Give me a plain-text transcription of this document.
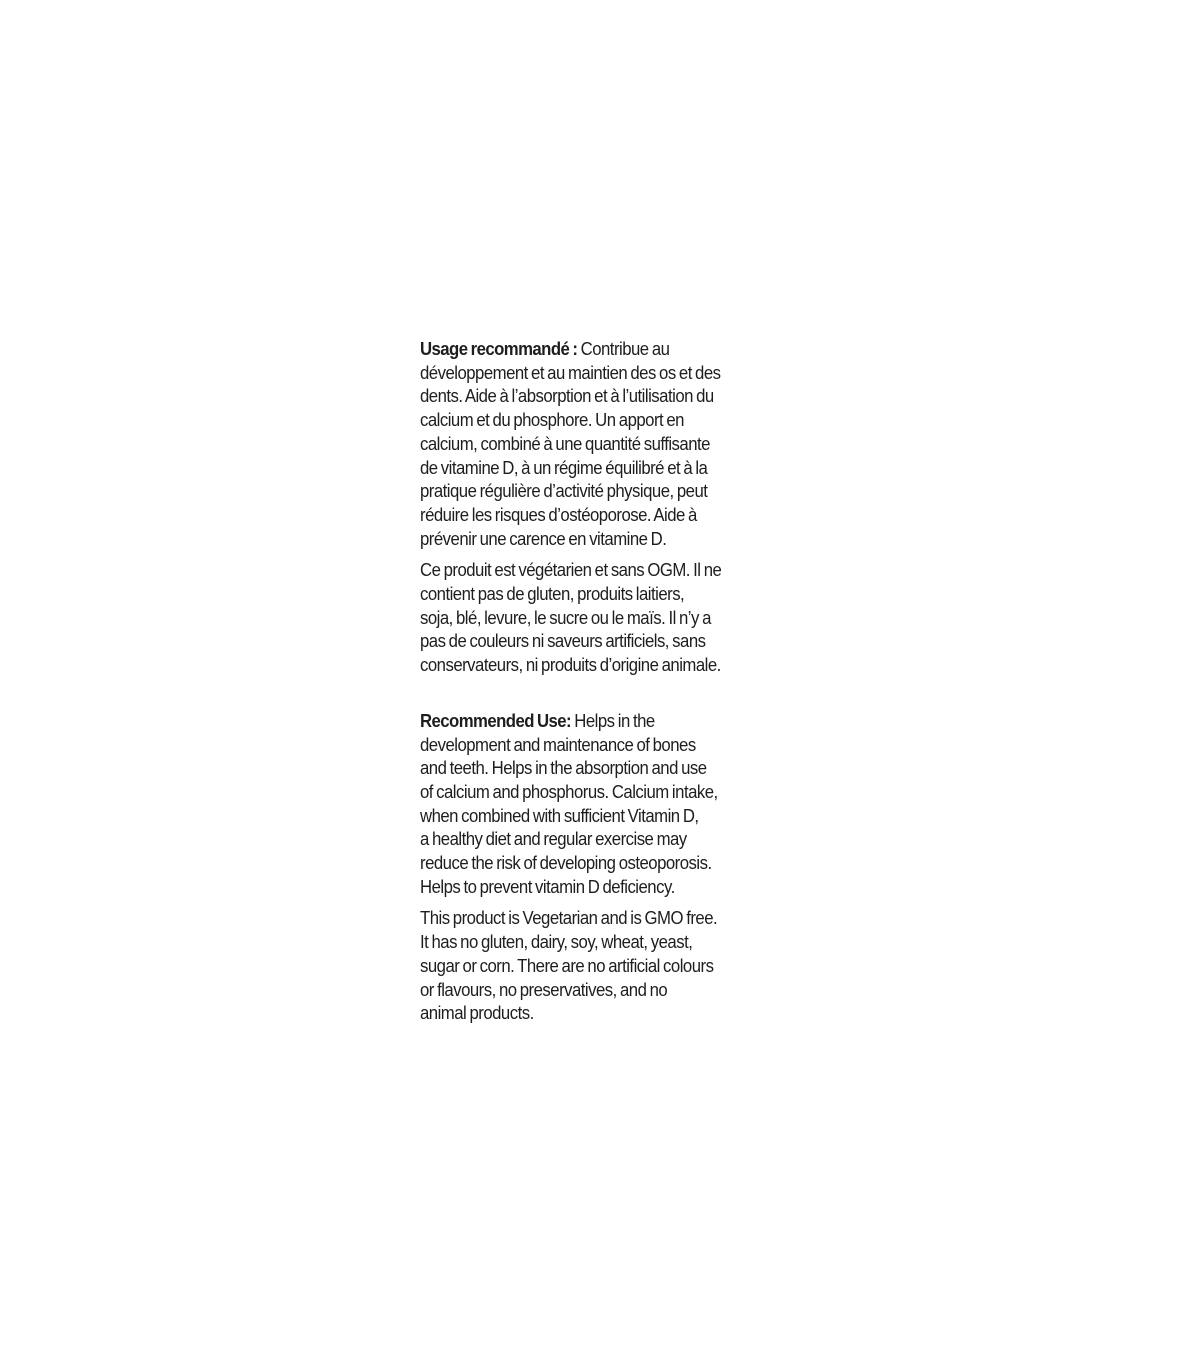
Usage recommandé : Contribue au
développement et au maintien des os et des
dents. Aide à l’absorption et à l’utilisation du
calcium et du phosphore. Un apport en
calcium, combiné à une quantité suffisante
de vitamine D, à un régime équilibré et à la
pratique régulière d’activité physique, peut
réduire les risques d’ostéoporose. Aide à
prévenir une carence en vitamine D.

Ce produit est végétarien et sans OGM. Il ne
contient pas de gluten, produits laitiers,
soja, blé, levure, le sucre ou le maïs. Il n’y a
pas de couleurs ni saveurs artificiels, sans
conservateurs, ni produits d’origine animale.

Recommended Use: Helps in the
development and maintenance of bones
and teeth. Helps in the absorption and use
of calcium and phosphorus. Calcium intake,
when combined with sufficient Vitamin D,
a healthy diet and regular exercise may
reduce the risk of developing osteoporosis.
Helps to prevent vitamin D deficiency.

This product is Vegetarian and is GMO free.
It has no gluten, dairy, soy, wheat, yeast,
sugar or corn. There are no artificial colours
or flavours, no preservatives, and no
animal products.
